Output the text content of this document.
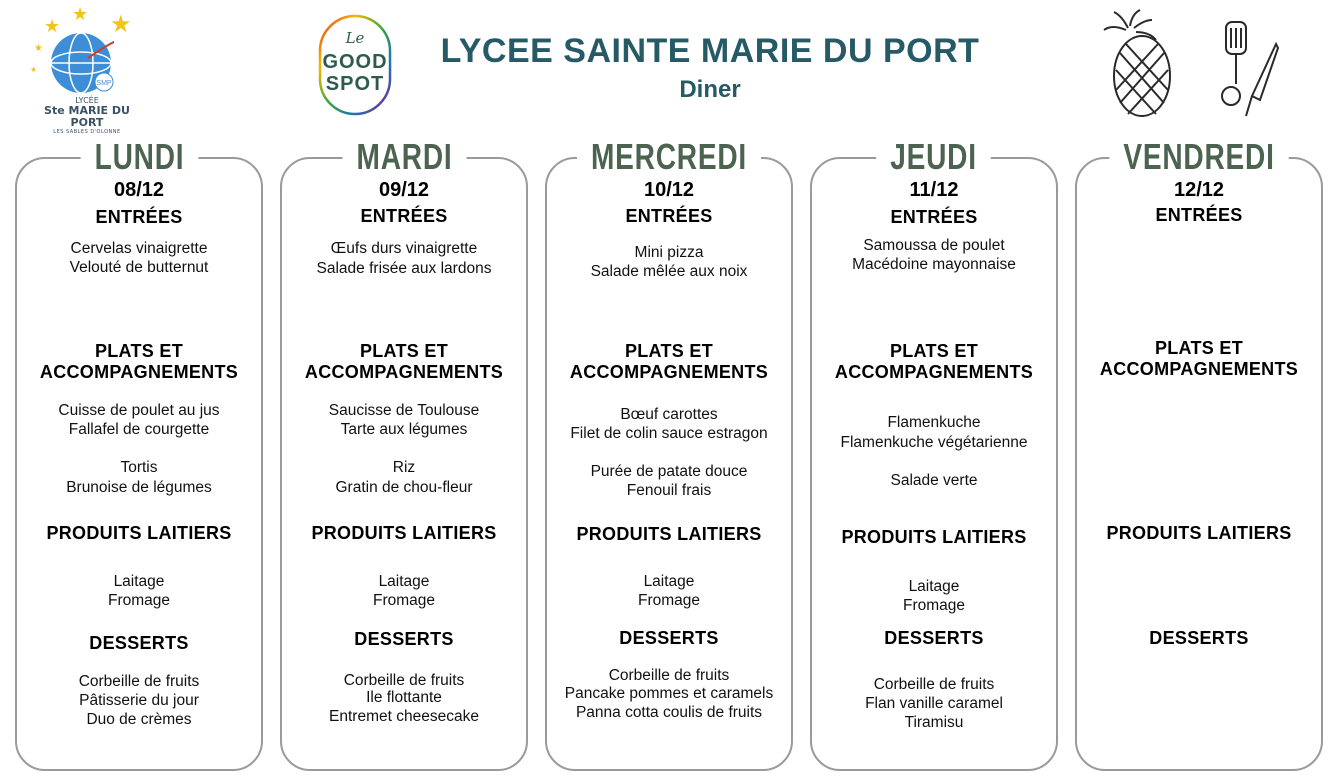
★
★ ★
★
★
SMP
LYCÉE
Ste MARIE DU PORT
LES SABLES D'OLONNE
Le
GOOD
SPOT
LYCEE SAINTE MARIE DU PORT
Diner
LUNDI
08/12
ENTRÉES
Cervelas vinaigrette
Velouté de butternut
PLATS ET
ACCOMPAGNEMENTS
Cuisse de poulet au jus
Fallafel de courgette
Tortis
Brunoise de légumes
PRODUITS LAITIERS
Laitage
Fromage
DESSERTS
Corbeille de fruits
Pâtisserie du jour
Duo de crèmes
MARDI
09/12
ENTRÉES
Œufs durs vinaigrette
Salade frisée aux lardons
PLATS ET
ACCOMPAGNEMENTS
Saucisse de Toulouse
Tarte aux légumes
Riz
Gratin de chou-fleur
PRODUITS LAITIERS
Laitage
Fromage
DESSERTS
Corbeille de fruits
Ile flottante
Entremet cheesecake
MERCREDI
10/12
ENTRÉES
Mini pizza
Salade mêlée aux noix
PLATS ET
ACCOMPAGNEMENTS
Bœuf carottes
Filet de colin sauce estragon
Purée de patate douce
Fenouil frais
PRODUITS LAITIERS
Laitage
Fromage
DESSERTS
Corbeille de fruits
Pancake pommes et caramels
Panna cotta coulis de fruits
JEUDI
11/12
ENTRÉES
Samoussa de poulet
Macédoine mayonnaise
PLATS ET
ACCOMPAGNEMENTS
Flamenkuche
Flamenkuche végétarienne
Salade verte
PRODUITS LAITIERS
Laitage
Fromage
DESSERTS
Corbeille de fruits
Flan vanille caramel
Tiramisu
VENDREDI
12/12
ENTRÉES
PLATS ET
ACCOMPAGNEMENTS
PRODUITS LAITIERS
DESSERTS
